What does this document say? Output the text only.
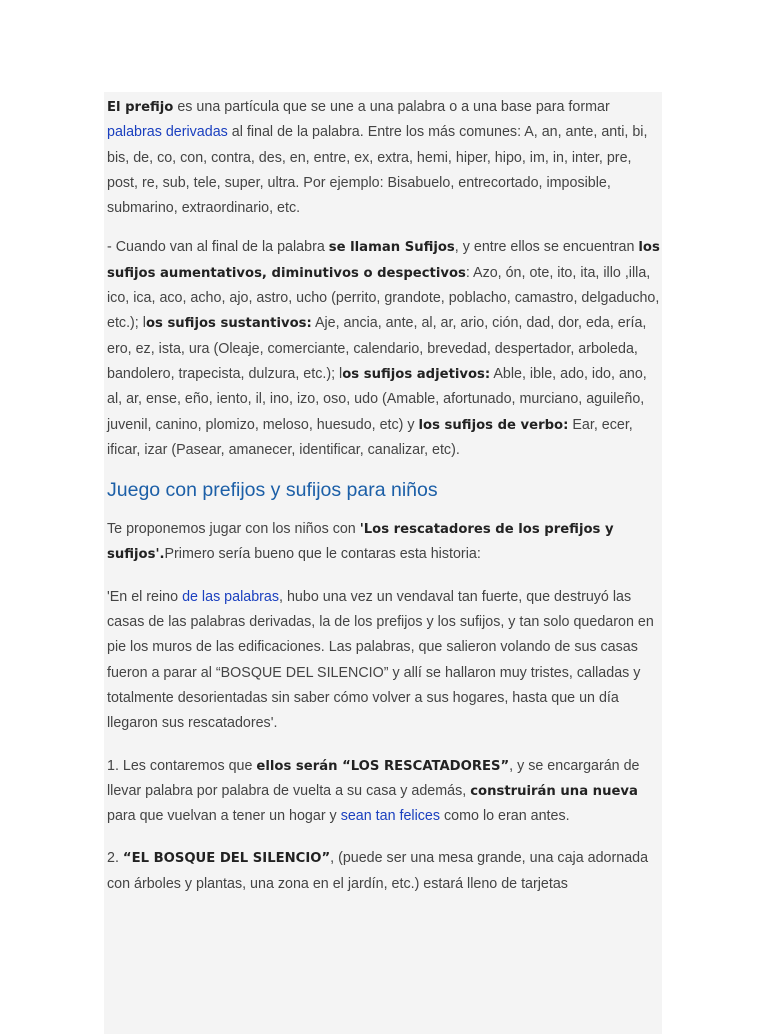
El prefijo es una partícula que se une a una palabra o a una base para formar palabras derivadas al final de la palabra. Entre los más comunes: A, an, ante, anti, bi, bis, de, co, con, contra, des, en, entre, ex, extra, hemi, hiper, hipo, im, in, inter, pre, post, re, sub, tele, super, ultra. Por ejemplo: Bisabuelo, entrecortado, imposible, submarino, extraordinario, etc.

- Cuando van al final de la palabra se llaman Sufijos, y entre ellos se encuentran los sufijos aumentativos, diminutivos o despectivos: Azo, ón, ote, ito, ita, illo ,illa, ico, ica, aco, acho, ajo, astro, ucho (perrito, grandote, poblacho, camastro, delgaducho, etc.); los sufijos sustantivos: Aje, ancia, ante, al, ar, ario, ción, dad, dor, eda, ería, ero, ez, ista, ura (Oleaje, comerciante, calendario, brevedad, despertador, arboleda, bandolero, trapecista, dulzura, etc.); los sufijos adjetivos: Able, ible, ado, ido, ano, al, ar, ense, eño, iento, il, ino, izo, oso, udo (Amable, afortunado, murciano, aguileño, juvenil, canino, plomizo, meloso, huesudo, etc) y los sufijos de verbo: Ear, ecer, ificar, izar (Pasear, amanecer, identificar, canalizar, etc).

Juego con prefijos y sufijos para niños

Te proponemos jugar con los niños con 'Los rescatadores de los prefijos y sufijos'.Primero sería bueno que le contaras esta historia:

'En el reino de las palabras, hubo una vez un vendaval tan fuerte, que destruyó las casas de las palabras derivadas, la de los prefijos y los sufijos, y tan solo quedaron en pie los muros de las edificaciones. Las palabras, que salieron volando de sus casas fueron a parar al “BOSQUE DEL SILENCIO” y allí se hallaron muy tristes, calladas y totalmente desorientadas sin saber cómo volver a sus hogares, hasta que un día llegaron sus rescatadores'.

1. Les contaremos que ellos serán “LOS RESCATADORES”, y se encargarán de llevar palabra por palabra de vuelta a su casa y además, construirán una nueva para que vuelvan a tener un hogar y sean tan felices como lo eran antes.

2. “EL BOSQUE DEL SILENCIO”, (puede ser una mesa grande, una caja adornada con árboles y plantas, una zona en el jardín, etc.) estará lleno de tarjetas
